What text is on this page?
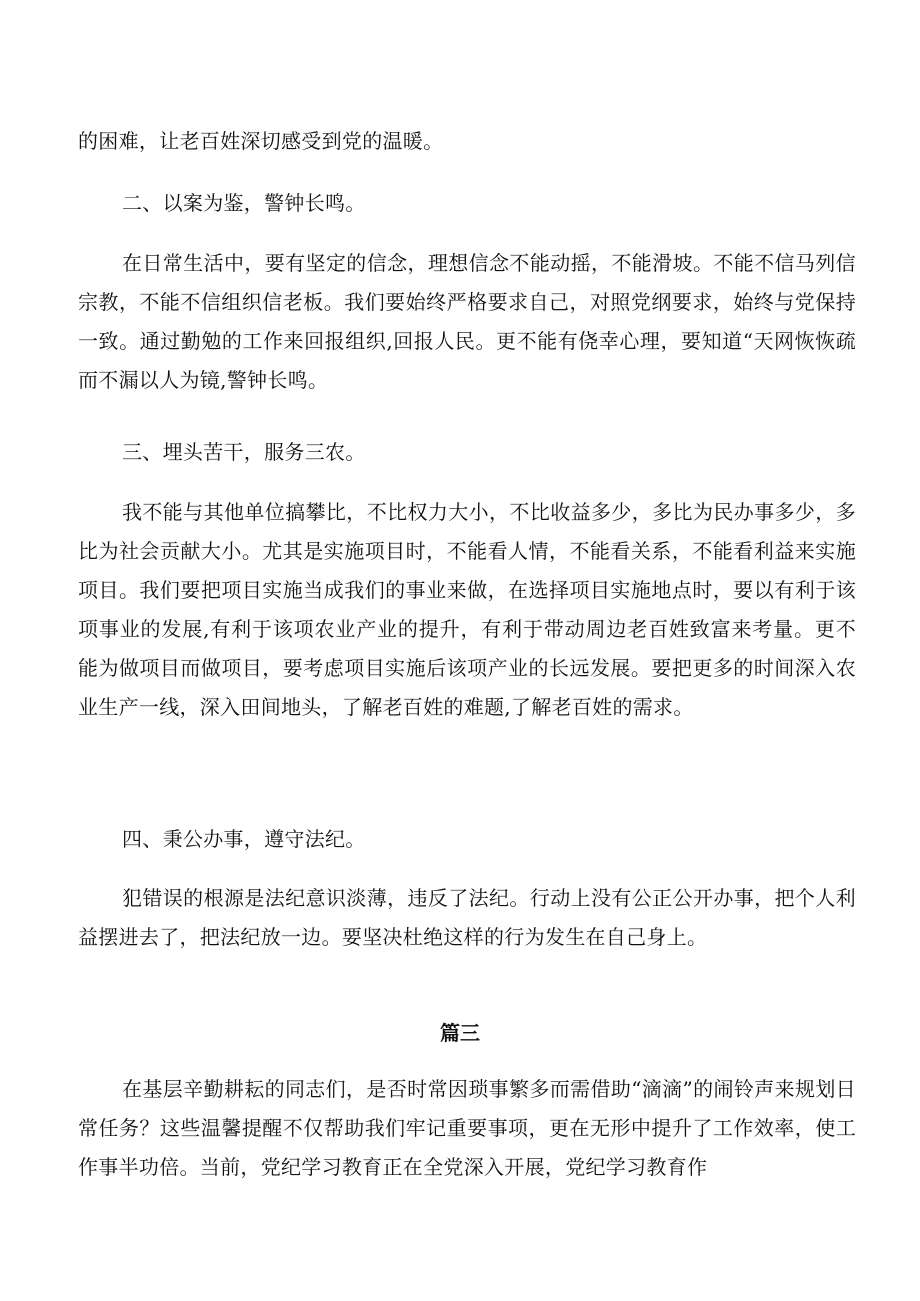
的困难，让老百姓深切感受到党的温暖。

二、以案为鉴，警钟长鸣。

在日常生活中，要有坚定的信念，理想信念不能动摇，不能滑坡。不能不信马列信宗教，不能不信组织信老板。我们要始终严格要求自己，对照党纲要求，始终与党保持一致。通过勤勉的工作来回报组织,回报人民。更不能有侥幸心理，要知道“天网恢恢疏而不漏以人为镜,警钟长鸣。

三、埋头苦干，服务三农。

我不能与其他单位搞攀比，不比权力大小，不比收益多少，多比为民办事多少，多比为社会贡献大小。尤其是实施项目时，不能看人情，不能看关系，不能看利益来实施项目。我们要把项目实施当成我们的事业来做，在选择项目实施地点时，要以有利于该项事业的发展,有利于该项农业产业的提升，有利于带动周边老百姓致富来考量。更不能为做项目而做项目，要考虑项目实施后该项产业的长远发展。要把更多的时间深入农业生产一线，深入田间地头，了解老百姓的难题,了解老百姓的需求。

四、秉公办事，遵守法纪。

犯错误的根源是法纪意识淡薄，违反了法纪。行动上没有公正公开办事，把个人利益摆进去了，把法纪放一边。要坚决杜绝这样的行为发生在自己身上。

篇三

在基层辛勤耕耘的同志们，是否时常因琐事繁多而需借助“滴滴”的闹铃声来规划日常任务？这些温馨提醒不仅帮助我们牢记重要事项，更在无形中提升了工作效率，使工作事半功倍。当前，党纪学习教育正在全党深入开展，党纪学习教育作
